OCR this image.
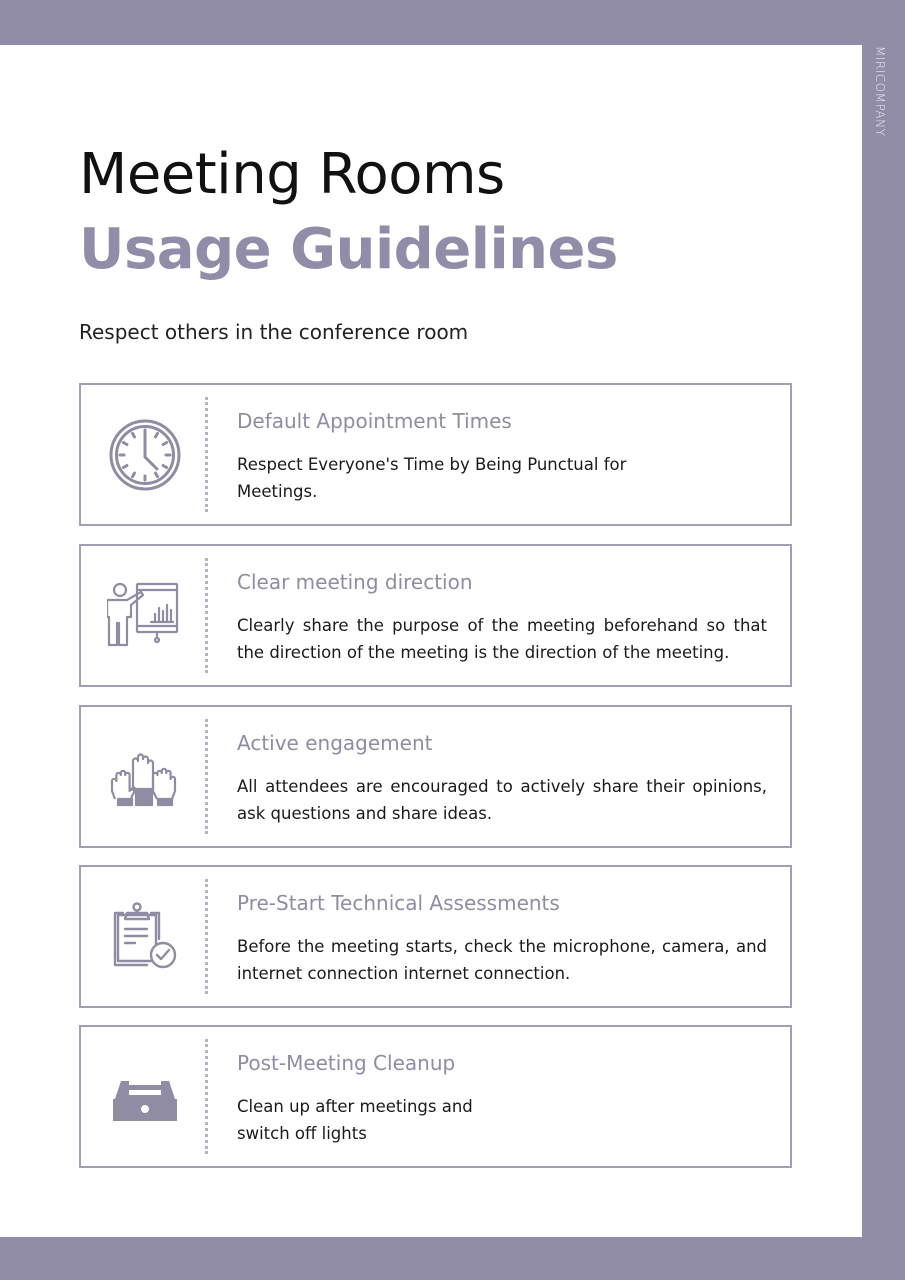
MIRICOMPANY
Meeting Rooms
Usage Guidelines
Respect others in the conference room
Default Appointment Times
Respect Everyone's Time by Being Punctual for Meetings.
Clear meeting direction
Clearly share the purpose of the meeting beforehand so that the direction of the meeting is the direction of the meeting.
Active engagement
All attendees are encouraged to actively share their opinions, ask questions and share ideas.
Pre-Start Technical Assessments
Before the meeting starts, check the microphone, camera, and internet connection internet connection.
Post-Meeting Cleanup
Clean up after meetings and switch off lights
